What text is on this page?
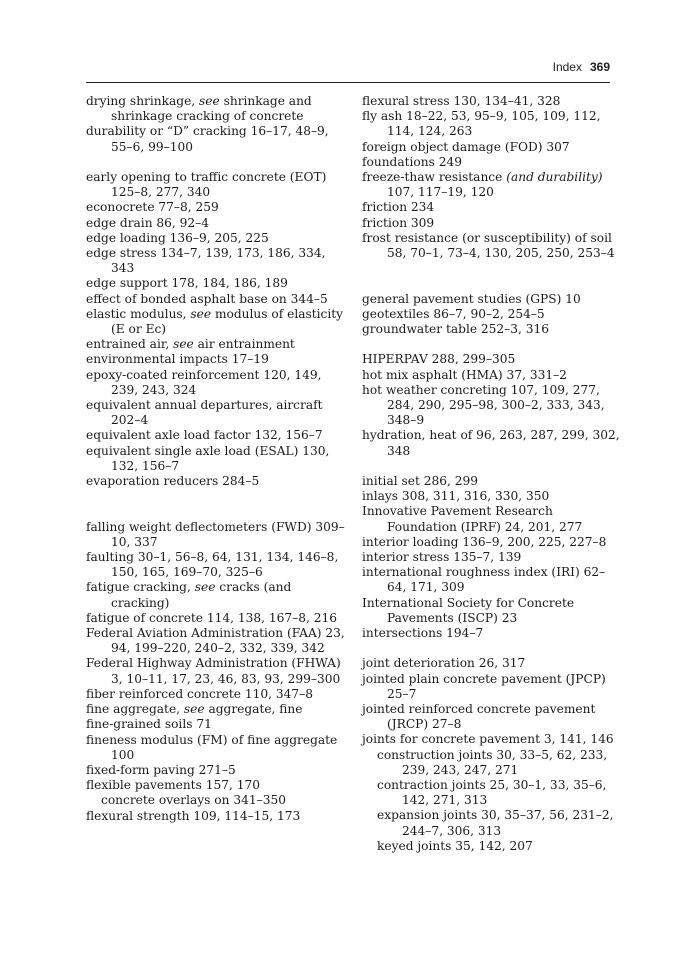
Index 369

drying shrinkage, see shrinkage and shrinkage cracking of concrete

durability or “D” cracking 16–17, 48–9, 55–6, 99–100

early opening to traffic concrete (EOT) 125–8, 277, 340

econocrete 77–8, 259

edge drain 86, 92–4

edge loading 136–9, 205, 225

edge stress 134–7, 139, 173, 186, 334, 343

edge support 178, 184, 186, 189

effect of bonded asphalt base on 344–5

elastic modulus, see modulus of elasticity (E or Ec)

entrained air, see air entrainment

environmental impacts 17–19

epoxy-coated reinforcement 120, 149, 239, 243, 324

equivalent annual departures, aircraft 202–4

equivalent axle load factor 132, 156–7

equivalent single axle load (ESAL) 130, 132, 156–7

evaporation reducers 284–5

falling weight deflectometers (FWD) 309–10, 337

faulting 30–1, 56–8, 64, 131, 134, 146–8, 150, 165, 169–70, 325–6

fatigue cracking, see cracks (and cracking)

fatigue of concrete 114, 138, 167–8, 216

Federal Aviation Administration (FAA) 23, 94, 199–220, 240–2, 332, 339, 342

Federal Highway Administration (FHWA) 3, 10–11, 17, 23, 46, 83, 93, 299–300

fiber reinforced concrete 110, 347–8

fine aggregate, see aggregate, fine

fine-grained soils 71

fineness modulus (FM) of fine aggregate 100

fixed-form paving 271–5

flexible pavements 157, 170

concrete overlays on 341–350

flexural strength 109, 114–15, 173

flexural stress 130, 134–41, 328

fly ash 18–22, 53, 95–9, 105, 109, 112, 114, 124, 263

foreign object damage (FOD) 307

foundations 249

freeze-thaw resistance (and durability) 107, 117–19, 120

friction 234

friction 309

frost resistance (or susceptibility) of soil 58, 70–1, 73–4, 130, 205, 250, 253–4

general pavement studies (GPS) 10

geotextiles 86–7, 90–2, 254–5

groundwater table 252–3, 316

HIPERPAV 288, 299–305

hot mix asphalt (HMA) 37, 331–2

hot weather concreting 107, 109, 277, 284, 290, 295–98, 300–2, 333, 343, 348–9

hydration, heat of 96, 263, 287, 299, 302, 348

initial set 286, 299

inlays 308, 311, 316, 330, 350

Innovative Pavement Research Foundation (IPRF) 24, 201, 277

interior loading 136–9, 200, 225, 227–8

interior stress 135–7, 139

international roughness index (IRI) 62–64, 171, 309

International Society for Concrete Pavements (ISCP) 23

intersections 194–7

joint deterioration 26, 317

jointed plain concrete pavement (JPCP) 25–7

jointed reinforced concrete pavement (JRCP) 27–8

joints for concrete pavement 3, 141, 146

construction joints 30, 33–5, 62, 233, 239, 243, 247, 271

contraction joints 25, 30–1, 33, 35–6, 142, 271, 313

expansion joints 30, 35–37, 56, 231–2, 244–7, 306, 313

keyed joints 35, 142, 207
